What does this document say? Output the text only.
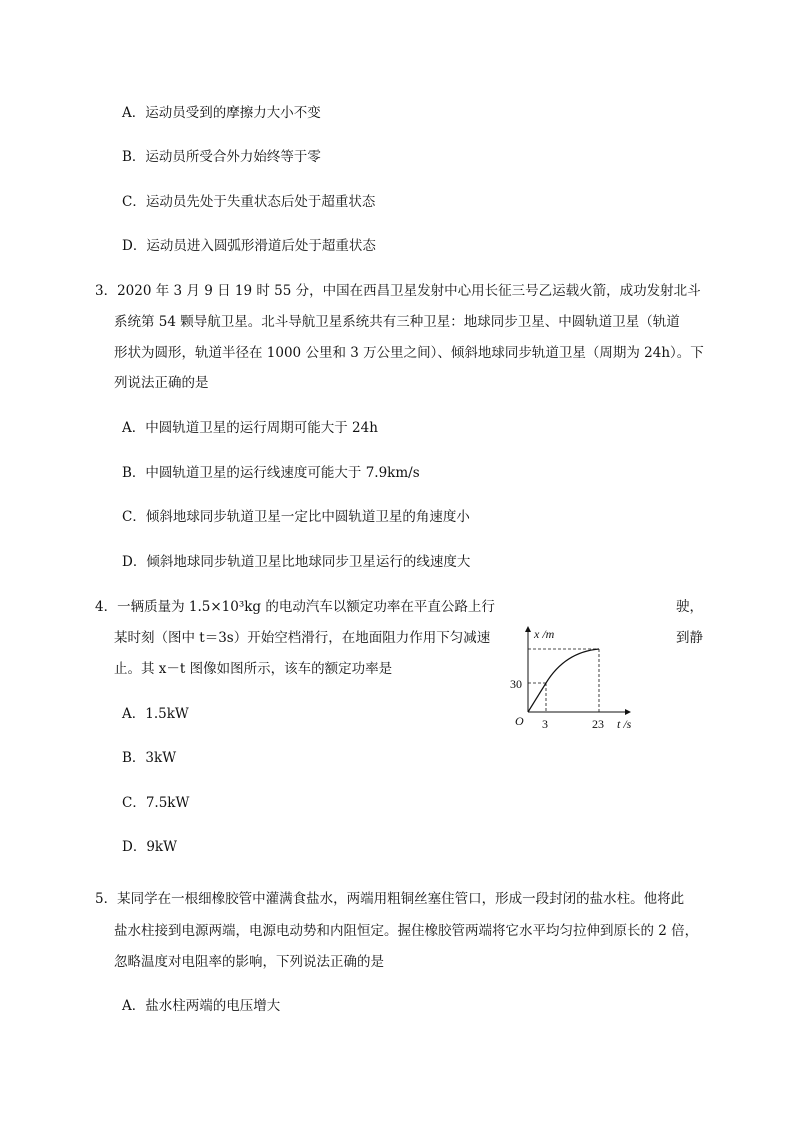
A．运动员受到的摩擦力大小不变
B．运动员所受合外力始终等于零
C．运动员先处于失重状态后处于超重状态
D．运动员进入圆弧形滑道后处于超重状态
3．2020 年 3 月 9 日 19 时 55 分，中国在西昌卫星发射中心用长征三号乙运载火箭，成功发射北斗
系统第 54 颗导航卫星。北斗导航卫星系统共有三种卫星：地球同步卫星、中圆轨道卫星（轨道
形状为圆形，轨道半径在 1000 公里和 3 万公里之间）、倾斜地球同步轨道卫星（周期为 24h）。下
列说法正确的是
A．中圆轨道卫星的运行周期可能大于 24h
B．中圆轨道卫星的运行线速度可能大于 7.9km/s
C．倾斜地球同步轨道卫星一定比中圆轨道卫星的角速度小
D．倾斜地球同步轨道卫星比地球同步卫星运行的线速度大
4．一辆质量为 1.5×10³kg 的电动汽车以额定功率在平直公路上行	驶，
某时刻（图中 t＝3s）开始空档滑行，在地面阻力作用下匀减速	到静
止。其 x－t 图像如图所示，该车的额定功率是
A．1.5kW
B．3kW
C．7.5kW
D．9kW
x /m
t /s
O
30
3	23
5．某同学在一根细橡胶管中灌满食盐水，两端用粗铜丝塞住管口，形成一段封闭的盐水柱。他将此
盐水柱接到电源两端，电源电动势和内阻恒定。握住橡胶管两端将它水平均匀拉伸到原长的 2 倍，
忽略温度对电阻率的影响，下列说法正确的是
A．盐水柱两端的电压增大
